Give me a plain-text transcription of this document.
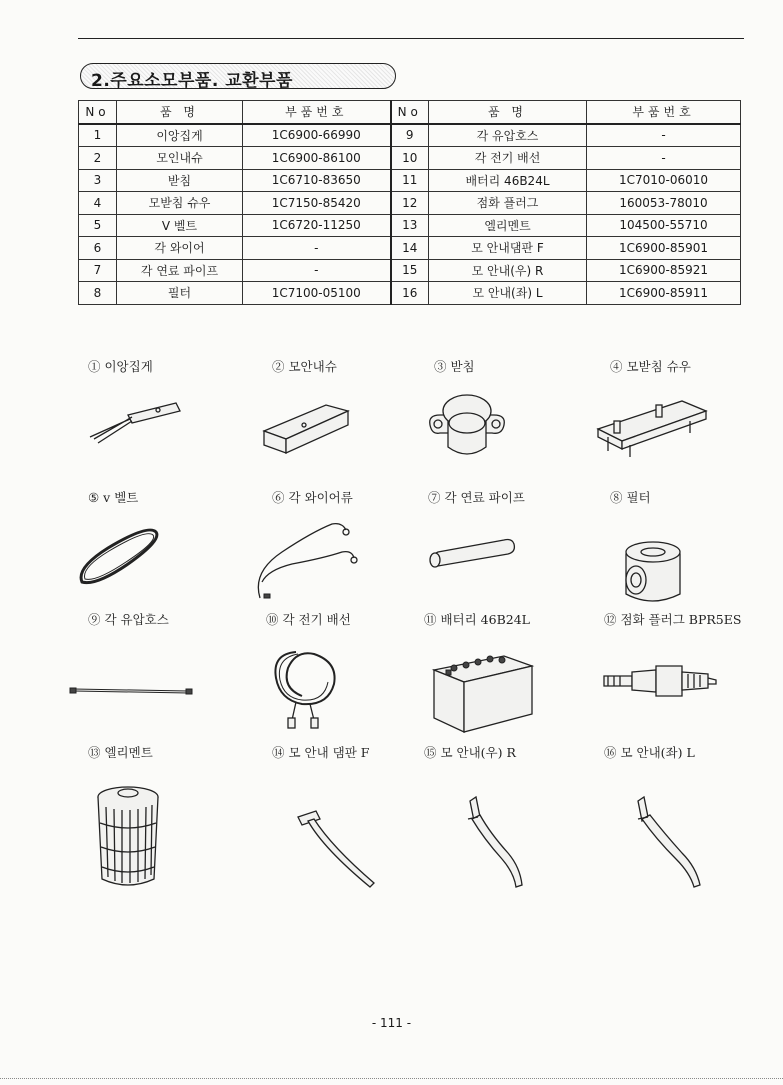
2.주요소모부품. 교환부품
No	품 명	부품번호	No	품 명	부품번호
1	이앙집게	1C6900-66990	9	각 유압호스	-
2	모인내슈	1C6900-86100	10	각 전기 배선	-
3	받침	1C6710-83650	11	배터리 46B24L	1C7010-06010
4	모받침 슈우	1C7150-85420	12	점화 플러그	160053-78010
5	V 벨트	1C6720-11250	13	엘리멘트	104500-55710
6	각 와이어	-	14	모 안내댐판 F	1C6900-85901
7	각 연료 파이프	-	15	모 안내(우) R	1C6900-85921
8	필터	1C7100-05100	16	모 안내(좌) L	1C6900-85911
① 이앙집게	② 모안내슈	③ 받침	④ 모받침 슈우
⑤ v 벨트	⑥ 각 와이어류	⑦ 각 연료 파이프	⑧ 필터
⑨ 각 유압호스	⑩ 각 전기 배선	⑪ 배터리 46B24L	⑫ 점화 플러그 BPR5ES
⑬ 엘리멘트	⑭ 모 안내 댐판 F	⑮ 모 안내(우) R	⑯ 모 안내(좌) L
- 111 -
